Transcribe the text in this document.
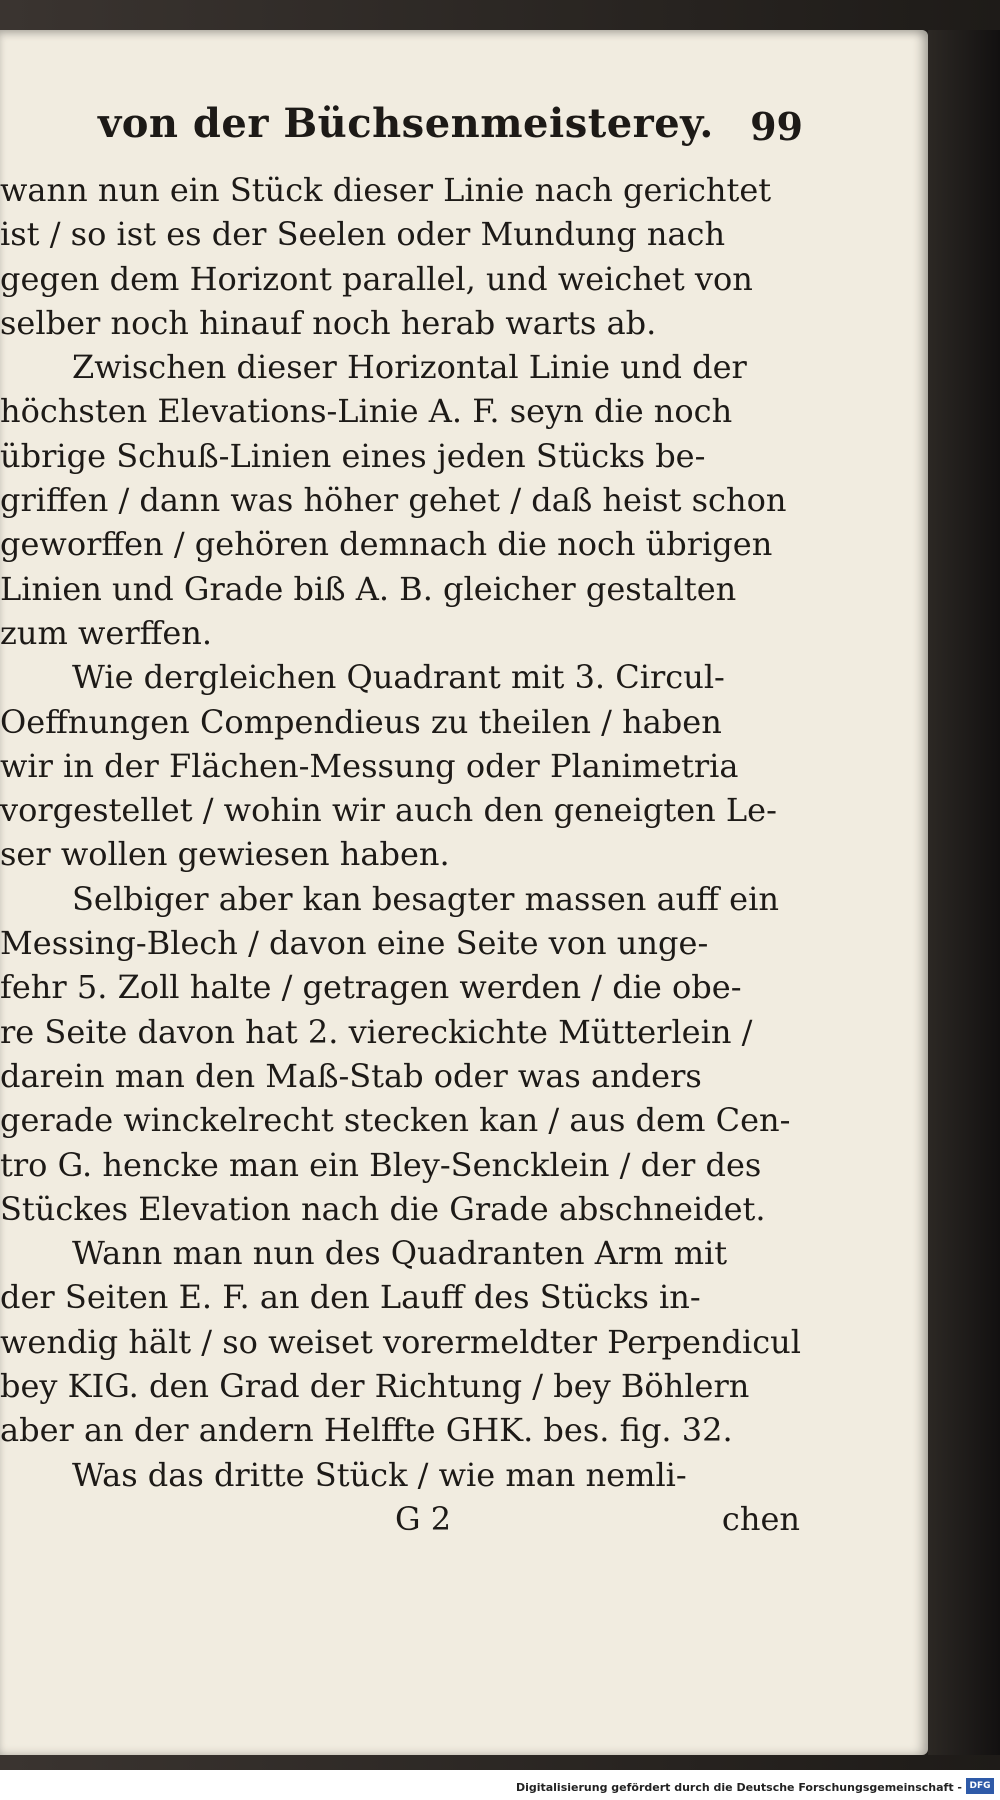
von der Büchsenmeisterey. 99
wann nun ein Stück dieser Linie nach gerichtet
ist / so ist es der Seelen oder Mundung nach
gegen dem Horizont parallel, und weichet von
selber noch hinauf noch herab warts ab.
Zwischen dieser Horizontal Linie und der
höchsten Elevations-Linie A. F. seyn die noch
übrige Schuß-Linien eines jeden Stücks be-
griffen / dann was höher gehet / daß heist schon
geworffen / gehören demnach die noch übrigen
Linien und Grade biß A. B. gleicher gestalten
zum werffen.
Wie dergleichen Quadrant mit 3. Circul-
Oeffnungen Compendieus zu theilen / haben
wir in der Flächen-Messung oder Planimetria
vorgestellet / wohin wir auch den geneigten Le-
ser wollen gewiesen haben.
Selbiger aber kan besagter massen auff ein
Messing-Blech / davon eine Seite von unge-
fehr 5. Zoll halte / getragen werden / die obe-
re Seite davon hat 2. viereckichte Mütterlein /
darein man den Maß-Stab oder was anders
gerade winckelrecht stecken kan / aus dem Cen-
tro G. hencke man ein Bley-Sencklein / der des
Stückes Elevation nach die Grade abschneidet.
Wann man nun des Quadranten Arm mit
der Seiten E. F. an den Lauff des Stücks in-
wendig hält / so weiset vorermeldter Perpendicul
bey KIG. den Grad der Richtung / bey Böhlern
aber an der andern Helffte GHK. bes. fig. 32.
Was das dritte Stück / wie man nemli-
G 2	chen
Digitalisierung gefördert durch die Deutsche Forschungsgemeinschaft - DFG
